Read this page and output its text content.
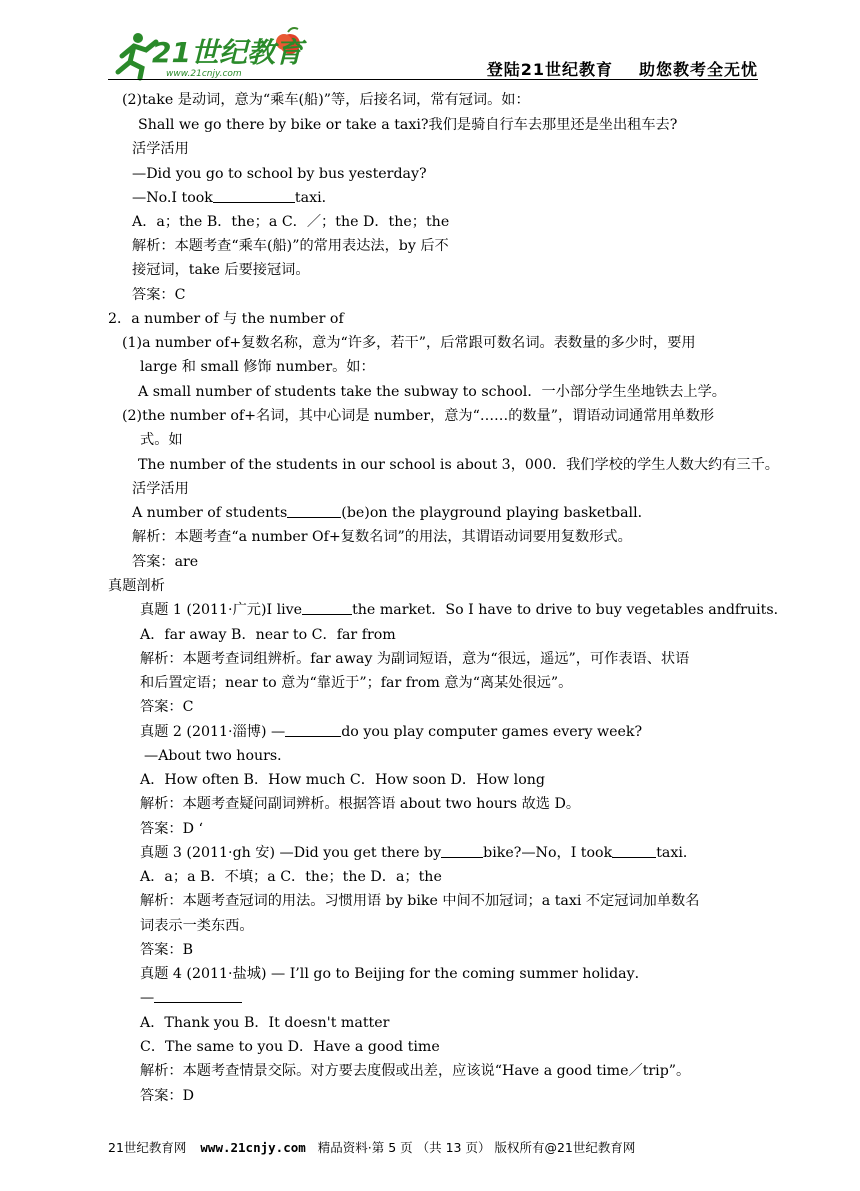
21世纪教育
www.21cnjy.com	登陆21世纪教育 助您教考全无忧
(2)take 是动词，意为“乘车(船)”等，后接名词，常有冠词。如：
Shall we go there by bike or take a taxi?我们是骑自行车去那里还是坐出租车去?
活学活用
—Did you go to school by bus yesterday?
—No.I took	taxi．
A．a；the B．the；a C．／；the D．the；the
解析：本题考查“乘车(船)”的常用表达法，by 后不
接冠词，take 后要接冠词。
答案：C
2．a number of 与 the number of
(1)a number of+复数名称，意为“许多，若干”，后常跟可数名词。表数量的多少时，要用
large 和 small 修饰 number。如：
A small number of students take the subway to school．一小部分学生坐地铁去上学。
(2)the number of+名词，其中心词是 number，意为“……的数量”，谓语动词通常用单数形
式。如
The number of the students in our school is about 3，000．我们学校的学生人数大约有三千。
活学活用
A number of students	(be)on the playground playing basketball．
解析：本题考查“a number Of+复数名词”的用法，其谓语动词要用复数形式。
答案：are
真题剖析
真题 1 (2011·广元)I live	the market．So I have to drive to buy vegetables andfruits．
A．far away B．near to C．far from
解析：本题考查词组辨析。far away 为副词短语，意为“很远，遥远”，可作表语、状语
和后置定语；near to 意为“靠近于”；far from 意为“离某处很远”。
答案：C
真题 2 (2011·淄博) —	do you play computer games every week?
—About two hours．
A．How often B．How much C．How soon D．How long
解析：本题考查疑问副词辨析。根据答语 about two hours 故选 D。
答案：D ‘
真题 3 (2011·gh 安) —Did you get there by	bike?—No，I took	taxi．
A．a；a B．不填；a C．the；the D．a；the
解析：本题考查冠词的用法。习惯用语 by bike 中间不加冠词；a taxi 不定冠词加单数名
词表示一类东西。
答案：B
真题 4 (2011·盐城) — I’ll go to Beijing for the coming summer holiday．
—
A．Thank you B．It doesn't matter
C．The same to you D．Have a good time
解析：本题考查情景交际。对方要去度假或出差，应该说“Have a good time／trip”。
答案：D
21世纪教育网 www.21cnjy.com 精品资料·第 5 页 （共 13 页） 版权所有@21世纪教育网
